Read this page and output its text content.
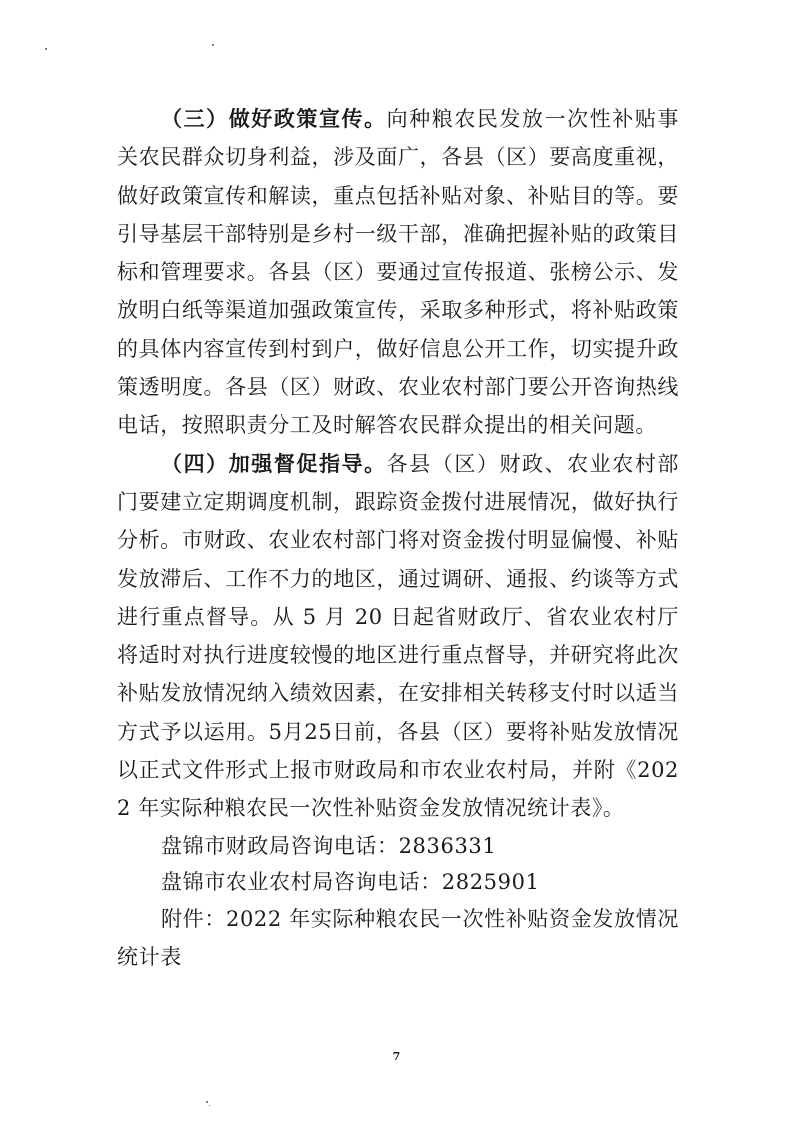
（三）做好政策宣传。向种粮农民发放一次性补贴事关农民群众切身利益，涉及面广，各县（区）要高度重视，做好政策宣传和解读，重点包括补贴对象、补贴目的等。要引导基层干部特别是乡村一级干部，准确把握补贴的政策目标和管理要求。各县（区）要通过宣传报道、张榜公示、发放明白纸等渠道加强政策宣传，采取多种形式，将补贴政策的具体内容宣传到村到户，做好信息公开工作，切实提升政策透明度。各县（区）财政、农业农村部门要公开咨询热线电话，按照职责分工及时解答农民群众提出的相关问题。

（四）加强督促指导。各县（区）财政、农业农村部门要建立定期调度机制，跟踪资金拨付进展情况，做好执行分析。市财政、农业农村部门将对资金拨付明显偏慢、补贴发放滞后、工作不力的地区，通过调研、通报、约谈等方式进行重点督导。从 5 月 20 日起省财政厅、省农业农村厅将适时对执行进度较慢的地区进行重点督导，并研究将此次补贴发放情况纳入绩效因素，在安排相关转移支付时以适当方式予以运用。5月25日前，各县（区）要将补贴发放情况以正式文件形式上报市财政局和市农业农村局，并附《2022 年实际种粮农民一次性补贴资金发放情况统计表》。

盘锦市财政局咨询电话：2836331

盘锦市农业农村局咨询电话：2825901

附件：2022 年实际种粮农民一次性补贴资金发放情况统计表

7
